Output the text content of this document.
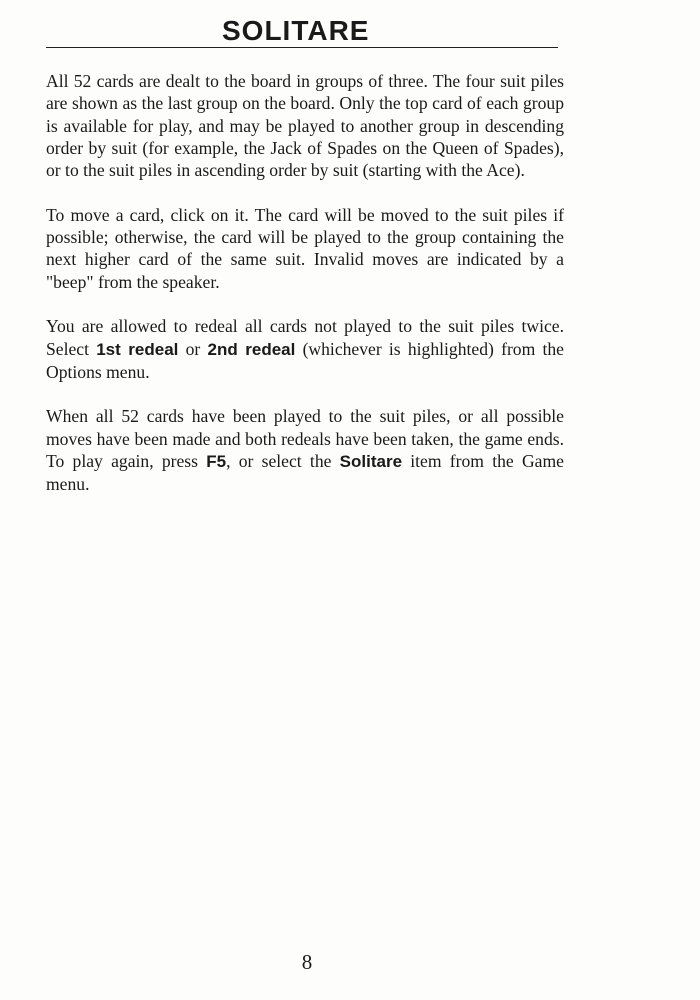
SOLITARE

All 52 cards are dealt to the board in groups of three. The four suit piles are shown as the last group on the board. Only the top card of each group is available for play, and may be played to another group in descending order by suit (for example, the Jack of Spades on the Queen of Spades), or to the suit piles in ascending order by suit (starting with the Ace).

To move a card, click on it. The card will be moved to the suit piles if possible; otherwise, the card will be played to the group containing the next higher card of the same suit. Invalid moves are indicated by a "beep" from the speaker.

You are allowed to redeal all cards not played to the suit piles twice. Select 1st redeal or 2nd redeal (whichever is highlighted) from the Options menu.

When all 52 cards have been played to the suit piles, or all possible moves have been made and both redeals have been taken, the game ends. To play again, press F5, or select the Solitare item from the Game menu.

8
